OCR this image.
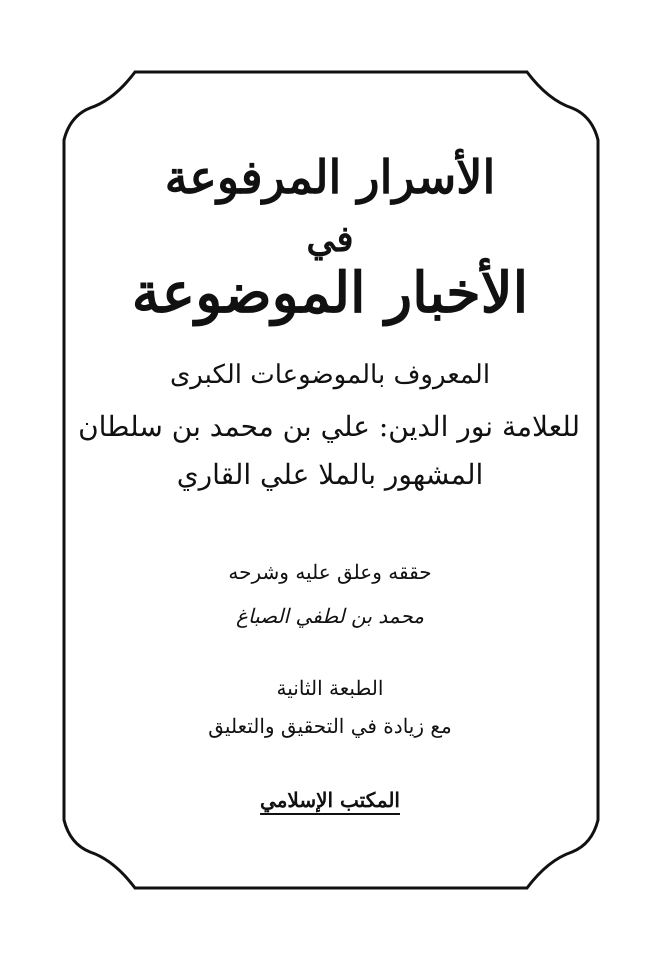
الأسرار المرفوعة
في
الأخبار الموضوعة
المعروف بالموضوعات الكبرى
للعلامة نور الدين: علي بن محمد بن سلطان
المشهور بالملا علي القاري
حققه وعلق عليه وشرحه
محمد بن لطفي الصباغ
الطبعة الثانية
مع زيادة في التحقيق والتعليق
المكتب الإسلامي
